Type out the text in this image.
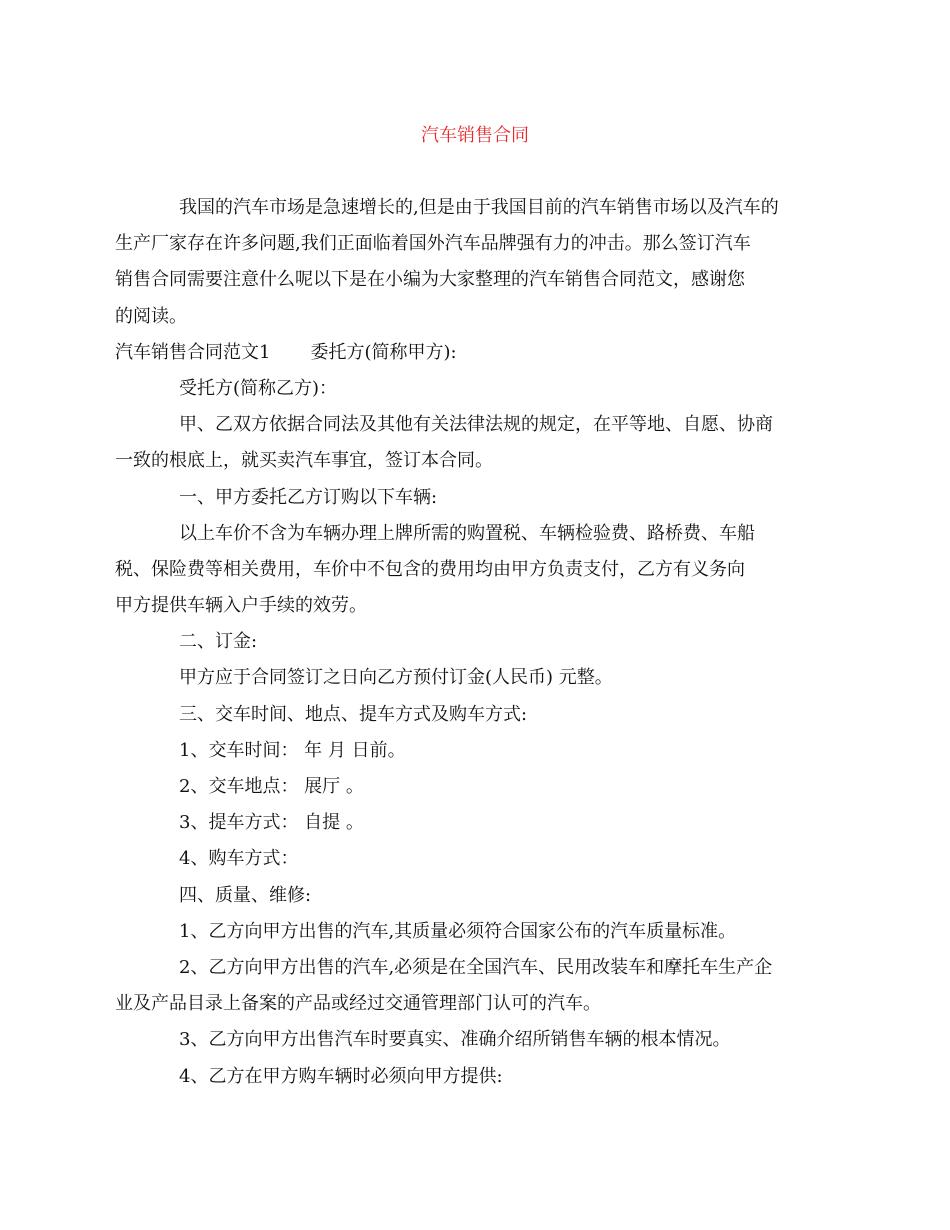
汽车销售合同
我国的汽车市场是急速增长的,但是由于我国目前的汽车销售市场以及汽车的
生产厂家存在许多问题,我们正面临着国外汽车品牌强有力的冲击。那么签订汽车
销售合同需要注意什么呢以下是在小编为大家整理的汽车销售合同范文，感谢您
的阅读。
汽车销售合同范文1 委托方(简称甲方):
受托方(简称乙方)：
甲、乙双方依据合同法及其他有关法律法规的规定，在平等地、自愿、协商
一致的根底上，就买卖汽车事宜，签订本合同。
一、甲方委托乙方订购以下车辆:
以上车价不含为车辆办理上牌所需的购置税、车辆检验费、路桥费、车船
税、保险费等相关费用，车价中不包含的费用均由甲方负责支付，乙方有义务向
甲方提供车辆入户手续的效劳。
二、订金:
甲方应于合同签订之日向乙方预付订金(人民币) 元整。
三、交车时间、地点、提车方式及购车方式:
1、交车时间： 年 月 日前。
2、交车地点： 展厅 。
3、提车方式： 自提 。
4、购车方式：
四、质量、维修:
1、乙方向甲方出售的汽车,其质量必须符合国家公布的汽车质量标准。
2、乙方向甲方出售的汽车,必须是在全国汽车、民用改装车和摩托车生产企
业及产品目录上备案的产品或经过交通管理部门认可的汽车。
3、乙方向甲方出售汽车时要真实、准确介绍所销售车辆的根本情况。
4、乙方在甲方购车辆时必须向甲方提供:
